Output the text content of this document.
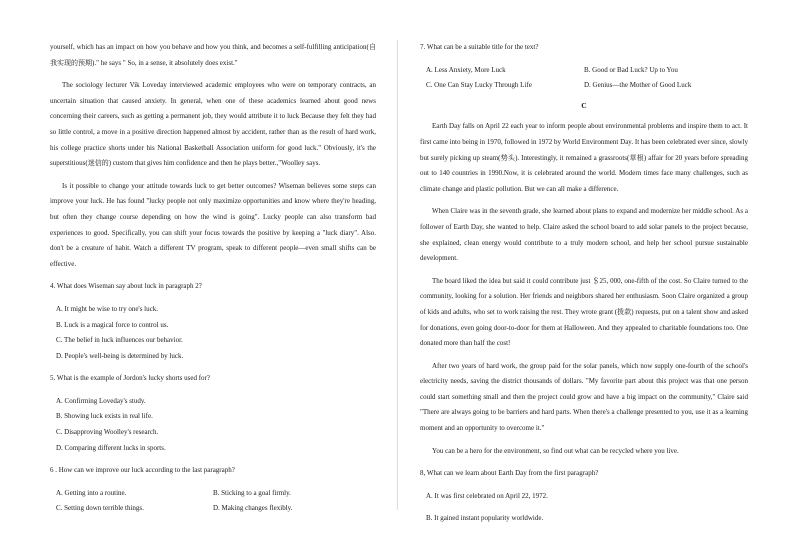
yourself, which has an impact on how you behave and how you think, and becomes a self-fulfilling anticipation(自我实现的预期)." he says " So, in a sense, it absolutely does exist."

The sociology lecturer Vik Loveday interviewed academic employees who were on temporary contracts, an uncertain situation that caused anxiety. In general, when one of these academics learned about good news concerning their careers, such as getting a permanent job, they would attribute it to luck Because they felt they had so little control, a move in a positive direction happened almost by accident, rather than as the result of hard work, his college practice shorts under his National Basketball Association uniform for good luck." Obviously, it's the superstitious(迷信的) custom that gives him confidence and then he plays better.,"Woolley says.

Is it possible to change your attitude towards luck to get better outcomes? Wiseman believes some steps can improve your luck. He has found "lucky people not only maximize opportunities and know where they're heading, but often they change course depending on how the wind is going". Lucky people can also transform bad experiences to good. Specifically, you can shift your focus towards the positive by keeping a "luck diary". Also. don't be a creature of habit. Watch a different TV program, speak to different people—even small shifts can be effective.

4. What does Wiseman say about luck in paragraph 2?
A. It might be wise to try one's luck.
B. Luck is a magical force to control us.
C. The belief in luck influences our behavior.
D. People's well-being is determined by luck.
5. What is the example of Jordon's lucky shorts used for?
A. Confirming Loveday's study.
B. Showing luck exists in real life.
C. Disapproving Woolley's research.
D. Comparing different lucks in sports.
6 . How can we improve our luck according to the last paragraph?
A. Getting into a routine.	B. Sticking to a goal firmly.
C. Setting down terrible things.	D. Making changes flexibly.
7. What can be a suitable title for the text?
A. Less Anxiety, More Luck	B. Good or Bad Luck? Up to You
C. One Can Stay Lucky Through Life	D. Genius—the Mother of Good Luck
C

Earth Day falls on April 22 each year to inform people about environmental problems and inspire them to act. It first came into being in 1970, followed in 1972 by World Environment Day. It has been celebrated ever since, slowly but surely picking up steam(势头). Interestingly, it remained a grassroots(草根) affair for 20 years before spreading out to 140 countries in 1990.Now, it is celebrated around the world. Modern times face many challenges, such as climate change and plastic pollution. But we can all make a difference.

When Claire was in the seventh grade, she learned about plans to expand and modernize her middle school. As a follower of Earth Day, she wanted to help. Claire asked the school board to add solar panels to the project because, she explained, clean energy would contribute to a truly modern school, and help her school pursue sustainable development.

The board liked the idea but said it could contribute just ＄25, 000, one-fifth of the cost. So Claire turned to the community, looking for a solution. Her friends and neighbors shared her enthusiasm. Soon Claire organized a group of kids and adults, who set to work raising the rest. They wrote grant (拨款) requests, put on a talent show and asked for donations, even going door-to-door for them at Halloween. And they appealed to charitable foundations too. One donated more than half the cost!

After two years of hard work, the group paid for the solar panels, which now supply one-fourth of the school's electricity needs, saving the district thousands of dollars. "My favorite part about this project was that one person could start something small and then the project could grow and have a big impact on the community," Claire said "There are always going to be barriers and hard parts. When there's a challenge presented to you, use it as a learning moment and an opportunity to overcome it."

You can be a hero for the environment, so find out what can be recycled where you live.

8, What can we learn about Earth Day from the first paragraph?
A. It was first celebrated on April 22, 1972.
B. It gained instant popularity worldwide.
